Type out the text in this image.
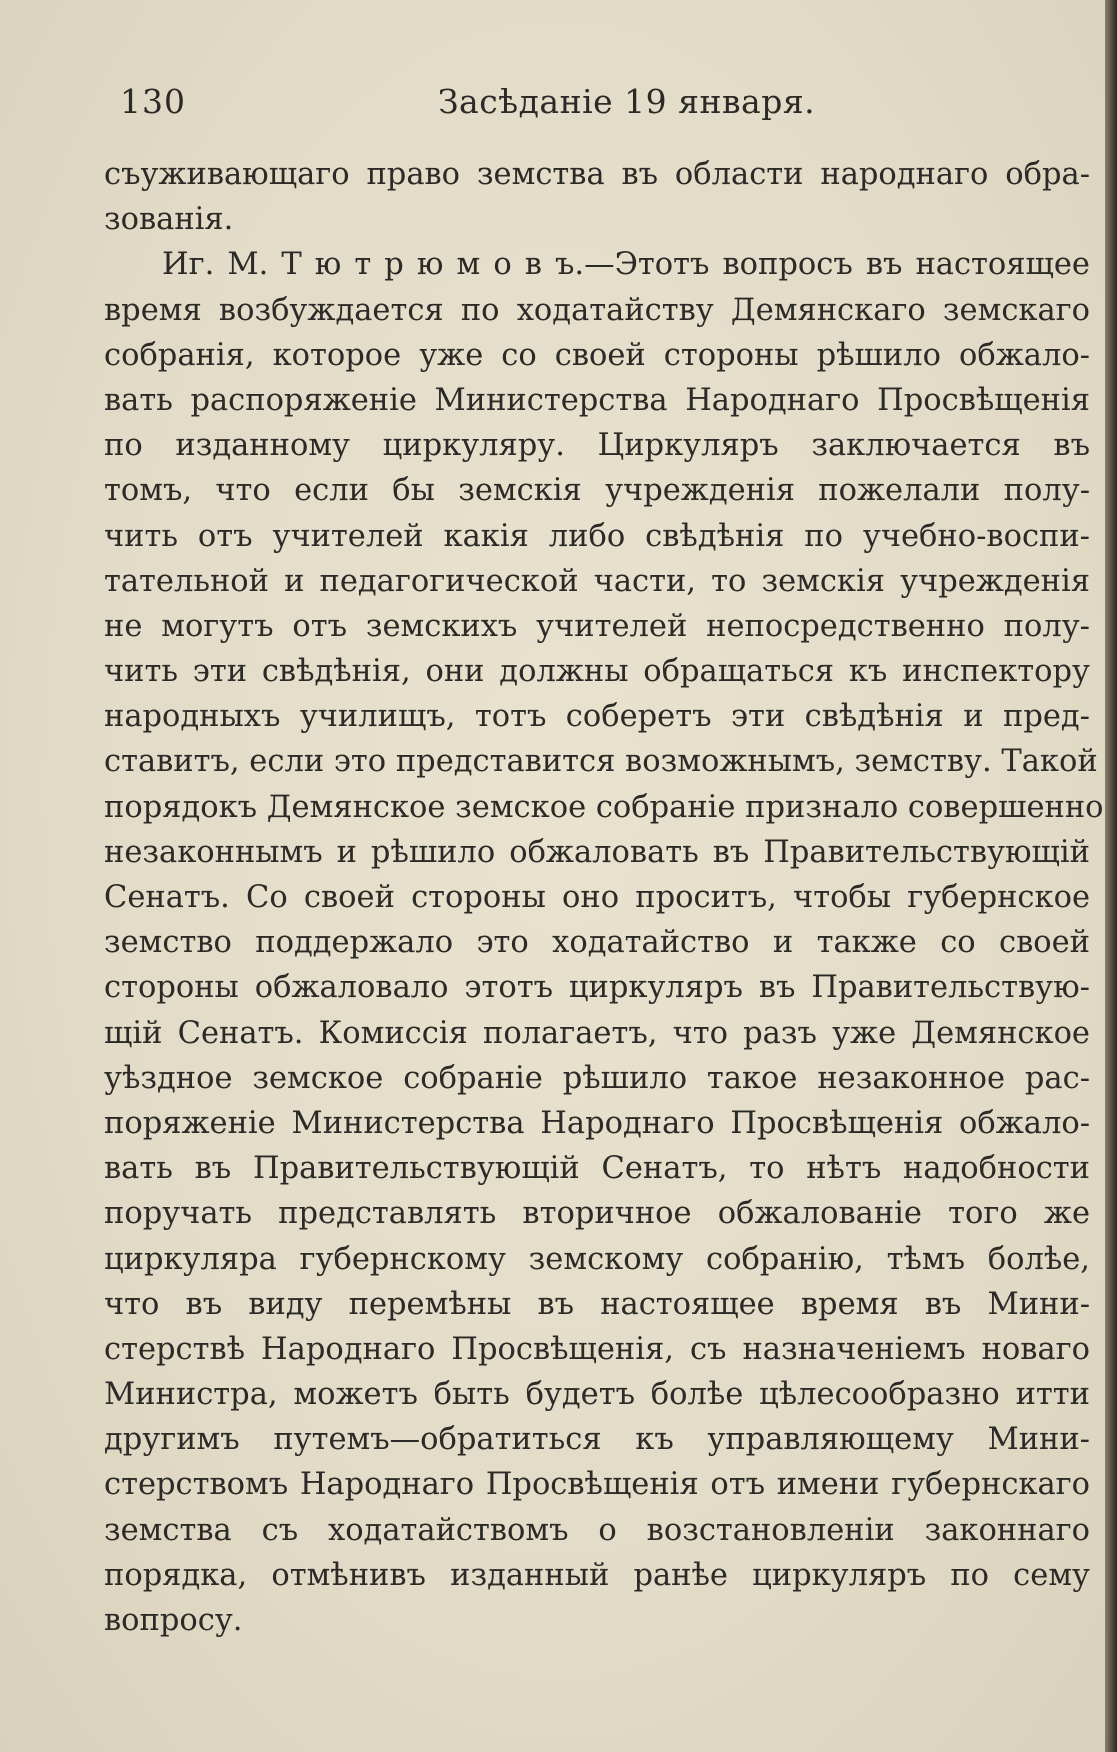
130	Засѣданіе 19 января.
съуживающаго право земства въ области народнаго обра-
зованія.
Иг. М. Т ю т р ю м о в ъ.—Этотъ вопросъ въ настоящее
время возбуждается по ходатайству Демянскаго земскаго
собранія, которое уже со своей стороны рѣшило обжало-
вать распоряженіе Министерства Народнаго Просвѣщенія
по изданному циркуляру. Циркуляръ заключается въ
томъ, что если бы земскія учрежденія пожелали полу-
чить отъ учителей какія либо свѣдѣнія по учебно-воспи-
тательной и педагогической части, то земскія учрежденія
не могутъ отъ земскихъ учителей непосредственно полу-
чить эти свѣдѣнія, они должны обращаться къ инспектору
народныхъ училищъ, тотъ соберетъ эти свѣдѣнія и пред-
ставитъ, если это представится возможнымъ, земству. Такой
порядокъ Демянское земское собраніе признало совершенно
незаконнымъ и рѣшило обжаловать въ Правительствующій
Сенатъ. Со своей стороны оно проситъ, чтобы губернское
земство поддержало это ходатайство и также со своей
стороны обжаловало этотъ циркуляръ въ Правительствую-
щій Сенатъ. Комиссія полагаетъ, что разъ уже Демянское
уѣздное земское собраніе рѣшило такое незаконное рас-
поряженіе Министерства Народнаго Просвѣщенія обжало-
вать въ Правительствующій Сенатъ, то нѣтъ надобности
поручать представлять вторичное обжалованіе того же
циркуляра губернскому земскому собранію, тѣмъ болѣе,
что въ виду перемѣны въ настоящее время въ Мини-
стерствѣ Народнаго Просвѣщенія, съ назначеніемъ новаго
Министра, можетъ быть будетъ болѣе цѣлесообразно итти
другимъ путемъ—обратиться къ управляющему Мини-
стерствомъ Народнаго Просвѣщенія отъ имени губернскаго
земства съ ходатайствомъ о возстановленіи законнаго
порядка, отмѣнивъ изданный ранѣе циркуляръ по сему
вопросу.
